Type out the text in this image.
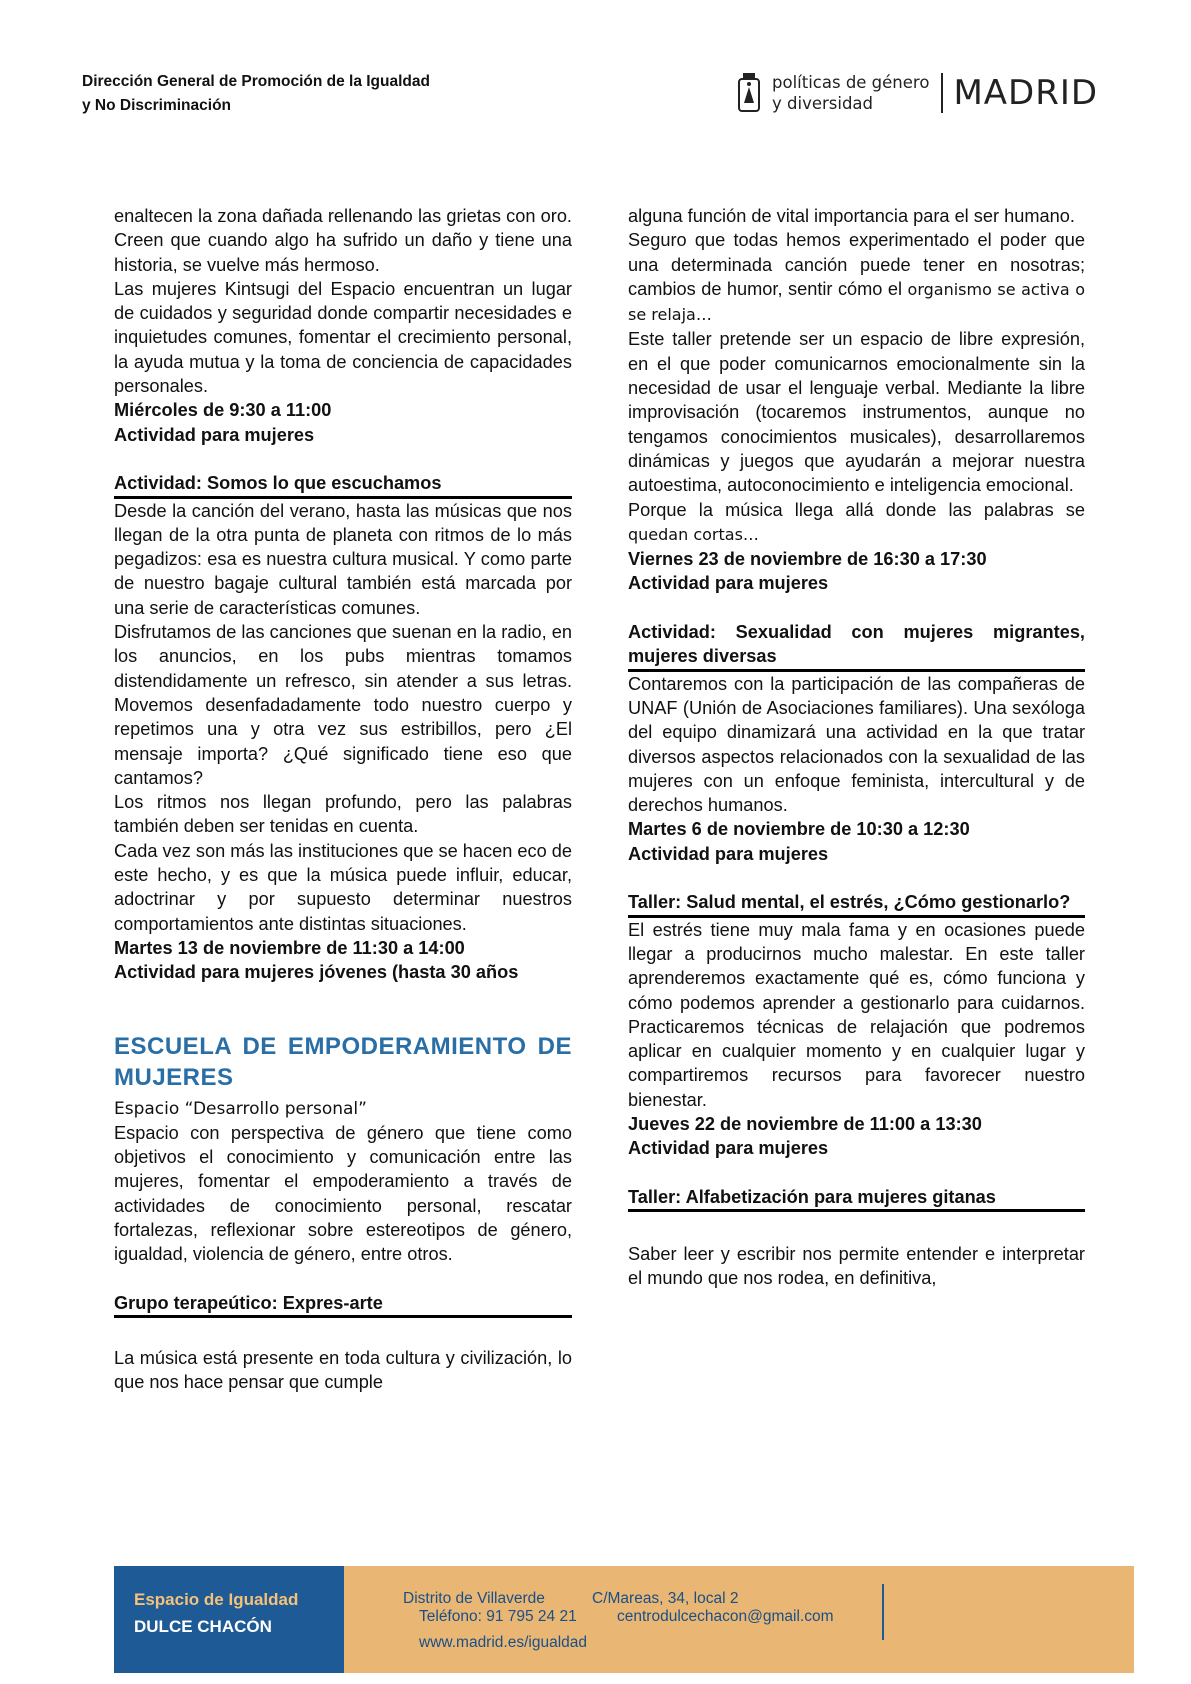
Dirección General de Promoción de la Igualdad
y No Discriminación
políticas de género
y diversidad	MADRID

enaltecen la zona dañada rellenando las grietas con oro. Creen que cuando algo ha sufrido un daño y tiene una historia, se vuelve más hermoso.

Las mujeres Kintsugi del Espacio encuentran un lugar de cuidados y seguridad donde compartir necesidades e inquietudes comunes, fomentar el crecimiento personal, la ayuda mutua y la toma de conciencia de capacidades personales.

Miércoles de 9:30 a 11:00

Actividad para mujeres

Actividad: Somos lo que escuchamos

Desde la canción del verano, hasta las músicas que nos llegan de la otra punta de planeta con ritmos de lo más pegadizos: esa es nuestra cultura musical. Y como parte de nuestro bagaje cultural también está marcada por una serie de características comunes.

Disfrutamos de las canciones que suenan en la radio, en los anuncios, en los pubs mientras tomamos distendidamente un refresco, sin atender a sus letras. Movemos desenfadadamente todo nuestro cuerpo y repetimos una y otra vez sus estribillos, pero ¿El mensaje importa? ¿Qué significado tiene eso que cantamos?

Los ritmos nos llegan profundo, pero las palabras también deben ser tenidas en cuenta.

Cada vez son más las instituciones que se hacen eco de este hecho, y es que la música puede influir, educar, adoctrinar y por supuesto determinar nuestros comportamientos ante distintas situaciones.

Martes 13 de noviembre de 11:30 a 14:00

Actividad para mujeres jóvenes (hasta 30 años

ESCUELA DE EMPODERAMIENTO DE MUJERES

Espacio “Desarrollo personal”

Espacio con perspectiva de género que tiene como objetivos el conocimiento y comunicación entre las mujeres, fomentar el empoderamiento a través de actividades de conocimiento personal, rescatar fortalezas, reflexionar sobre estereotipos de género, igualdad, violencia de género, entre otros.

Grupo terapeútico: Expres-arte

La música está presente en toda cultura y civilización, lo que nos hace pensar que cumple

alguna función de vital importancia para el ser humano.

Seguro que todas hemos experimentado el poder que una determinada canción puede tener en nosotras; cambios de humor, sentir cómo el organismo se activa o se relaja…

Este taller pretende ser un espacio de libre expresión, en el que poder comunicarnos emocionalmente sin la necesidad de usar el lenguaje verbal. Mediante la libre improvisación (tocaremos instrumentos, aunque no tengamos conocimientos musicales), desarrollaremos dinámicas y juegos que ayudarán a mejorar nuestra autoestima, autoconocimiento e inteligencia emocional.

Porque la música llega allá donde las palabras se quedan cortas…

Viernes 23 de noviembre de 16:30 a 17:30

Actividad para mujeres

Actividad: Sexualidad con mujeres migrantes, mujeres diversas

Contaremos con la participación de las compañeras de UNAF (Unión de Asociaciones familiares). Una sexóloga del equipo dinamizará una actividad en la que tratar diversos aspectos relacionados con la sexualidad de las mujeres con un enfoque feminista, intercultural y de derechos humanos.

Martes 6 de noviembre de 10:30 a 12:30

Actividad para mujeres

Taller: Salud mental, el estrés, ¿Cómo gestionarlo?

El estrés tiene muy mala fama y en ocasiones puede llegar a producirnos mucho malestar. En este taller aprenderemos exactamente qué es, cómo funciona y cómo podemos aprender a gestionarlo para cuidarnos. Practicaremos técnicas de relajación que podremos aplicar en cualquier momento y en cualquier lugar y compartiremos recursos para favorecer nuestro bienestar.

Jueves 22 de noviembre de 11:00 a 13:30

Actividad para mujeres

Taller: Alfabetización para mujeres gitanas

Saber leer y escribir nos permite entender e interpretar el mundo que nos rodea, en definitiva,

Espacio de Igualdad
DULCE CHACÓN
Distrito de Villaverde	C/Mareas, 34, local 2
Teléfono: 91 795 24 21	centrodulcechacon@gmail.com
www.madrid.es/igualdad
